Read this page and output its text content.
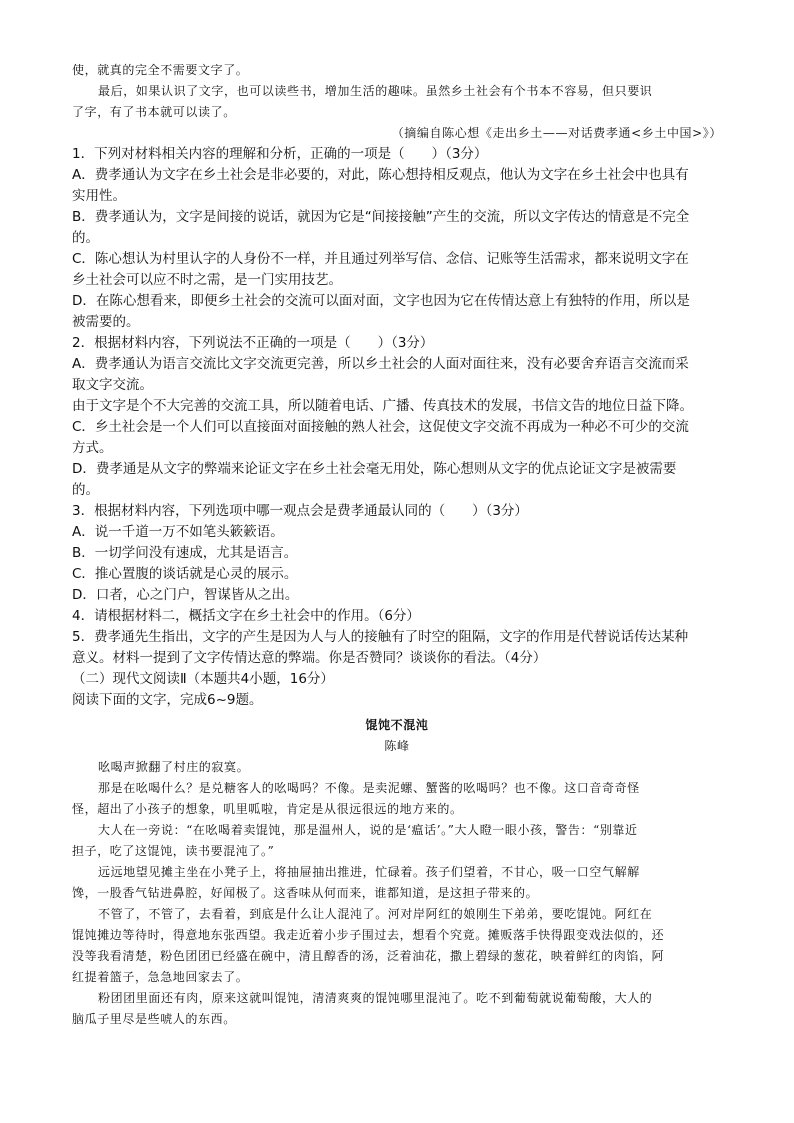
使，就真的完全不需要文字了。
最后，如果认识了文字，也可以读些书，增加生活的趣味。虽然乡土社会有个书本不容易，但只要识
了字，有了书本就可以读了。
（摘编自陈心想《走出乡土——对话费孝通<乡土中国>》）
1．下列对材料相关内容的理解和分析，正确的一项是（　　）（3分）
A．费孝通认为文字在乡土社会是非必要的，对此，陈心想持相反观点，他认为文字在乡土社会中也具有
实用性。
B．费孝通认为，文字是间接的说话，就因为它是“间接接触”产生的交流，所以文字传达的情意是不完全
的。
C．陈心想认为村里认字的人身份不一样，并且通过列举写信、念信、记账等生活需求，都来说明文字在
乡土社会可以应不时之需，是一门实用技艺。
D．在陈心想看来，即便乡土社会的交流可以面对面，文字也因为它在传情达意上有独特的作用，所以是
被需要的。
2．根据材料内容，下列说法不正确的一项是（　　）（3分）
A．费孝通认为语言交流比文字交流更完善，所以乡土社会的人面对面往来，没有必要舍弃语言交流而采
取文字交流。
由于文字是个不大完善的交流工具，所以随着电话、广播、传真技术的发展，书信文告的地位日益下降。
C．乡土社会是一个人们可以直接面对面接触的熟人社会，这促使文字交流不再成为一种必不可少的交流
方式。
D．费孝通是从文字的弊端来论证文字在乡土社会毫无用处，陈心想则从文字的优点论证文字是被需要
的。
3．根据材料内容，下列选项中哪一观点会是费孝通最认同的（　　）（3分）
A．说一千道一万不如笔头簌簌语。
B．一切学问没有速成，尤其是语言。
C．推心置腹的谈话就是心灵的展示。
D．口者，心之门户，智谋皆从之出。
4．请根据材料二，概括文字在乡土社会中的作用。（6分）
5．费孝通先生指出，文字的产生是因为人与人的接触有了时空的阻隔，文字的作用是代替说话传达某种
意义。材料一提到了文字传情达意的弊端。你是否赞同？谈谈你的看法。（4分）
（二）现代文阅读Ⅱ（本题共4小题，16分）
阅读下面的文字，完成6~9题。
馄饨不混沌
陈峰
吆喝声掀翻了村庄的寂寞。
那是在吆喝什么？是兑糖客人的吆喝吗？不像。是卖泥螺、蟹酱的吆喝吗？也不像。这口音奇奇怪
怪，超出了小孩子的想象，叽里呱啦，肯定是从很远很远的地方来的。
大人在一旁说：“在吆喝着卖馄饨，那是温州人，说的是‘瘟话’。”大人瞪一眼小孩，警告：“别靠近
担子，吃了这馄饨，读书要混沌了。”
远远地望见摊主坐在小凳子上，将抽屉抽出推进，忙碌着。孩子们望着，不甘心，吸一口空气解解
馋，一股香气钻进鼻腔，好闻极了。这香味从何而来，谁都知道，是这担子带来的。
不管了，不管了，去看着，到底是什么让人混沌了。河对岸阿红的娘刚生下弟弟，要吃馄饨。阿红在
馄饨摊边等待时，得意地东张西望。我走近着小步子围过去，想看个究竟。摊贩落手快得跟变戏法似的，还
没等我看清楚，粉色团团已经盛在碗中，清且醇香的汤，泛着油花，撒上碧绿的葱花，映着鲜红的肉馅，阿
红提着篮子，急急地回家去了。
粉团团里面还有肉，原来这就叫馄饨，清清爽爽的馄饨哪里混沌了。吃不到葡萄就说葡萄酸，大人的
脑瓜子里尽是些唬人的东西。
